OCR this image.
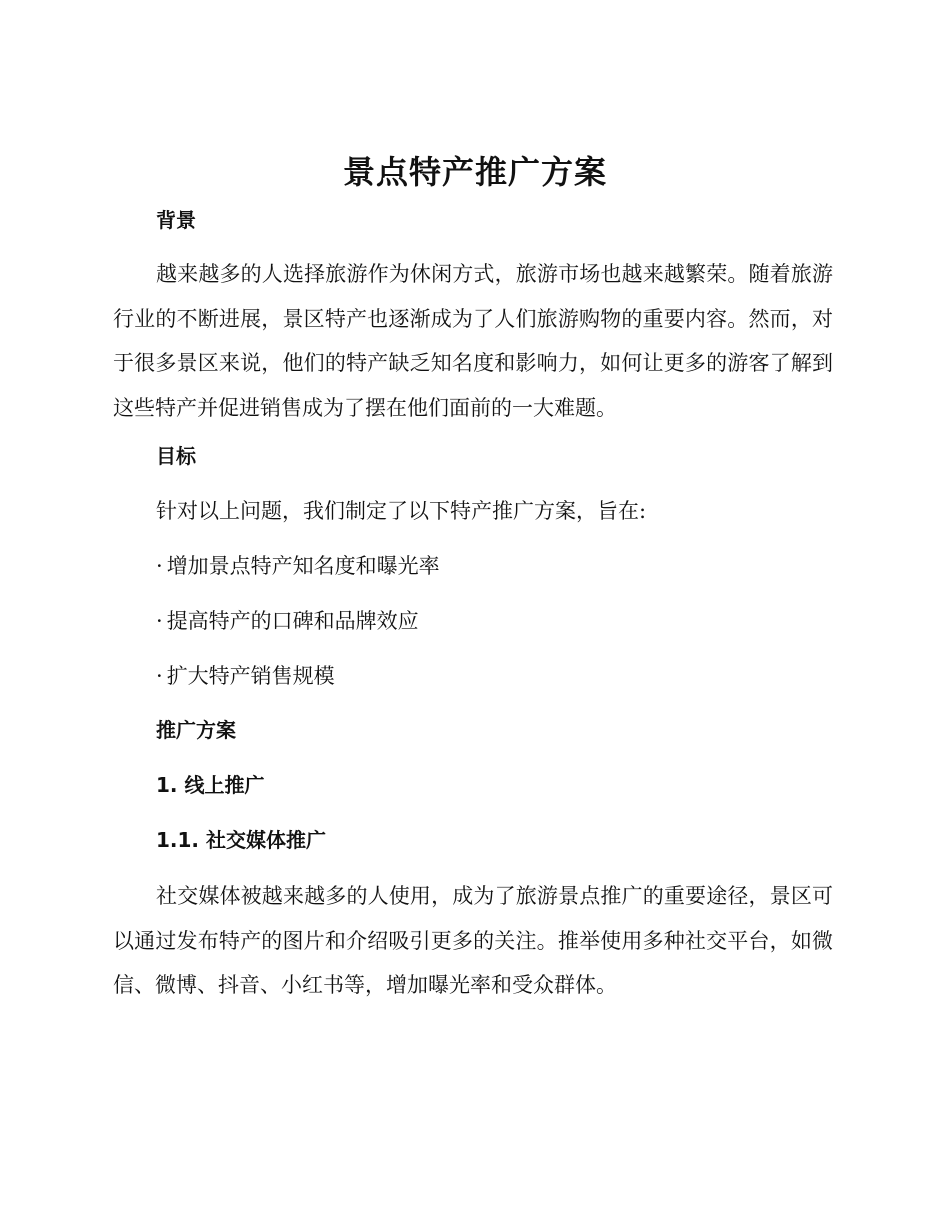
景点特产推广方案
背景

越来越多的人选择旅游作为休闲方式，旅游市场也越来越繁荣。随着旅游行业的不断进展，景区特产也逐渐成为了人们旅游购物的重要内容。然而，对于很多景区来说，他们的特产缺乏知名度和影响力，如何让更多的游客了解到这些特产并促进销售成为了摆在他们面前的一大难题。

目标
针对以上问题，我们制定了以下特产推广方案，旨在:
· 增加景点特产知名度和曝光率
· 提高特产的口碑和品牌效应
· 扩大特产销售规模
推广方案
1. 线上推广
1.1. 社交媒体推广

社交媒体被越来越多的人使用，成为了旅游景点推广的重要途径，景区可以通过发布特产的图片和介绍吸引更多的关注。推举使用多种社交平台，如微信、微博、抖音、小红书等，增加曝光率和受众群体。
